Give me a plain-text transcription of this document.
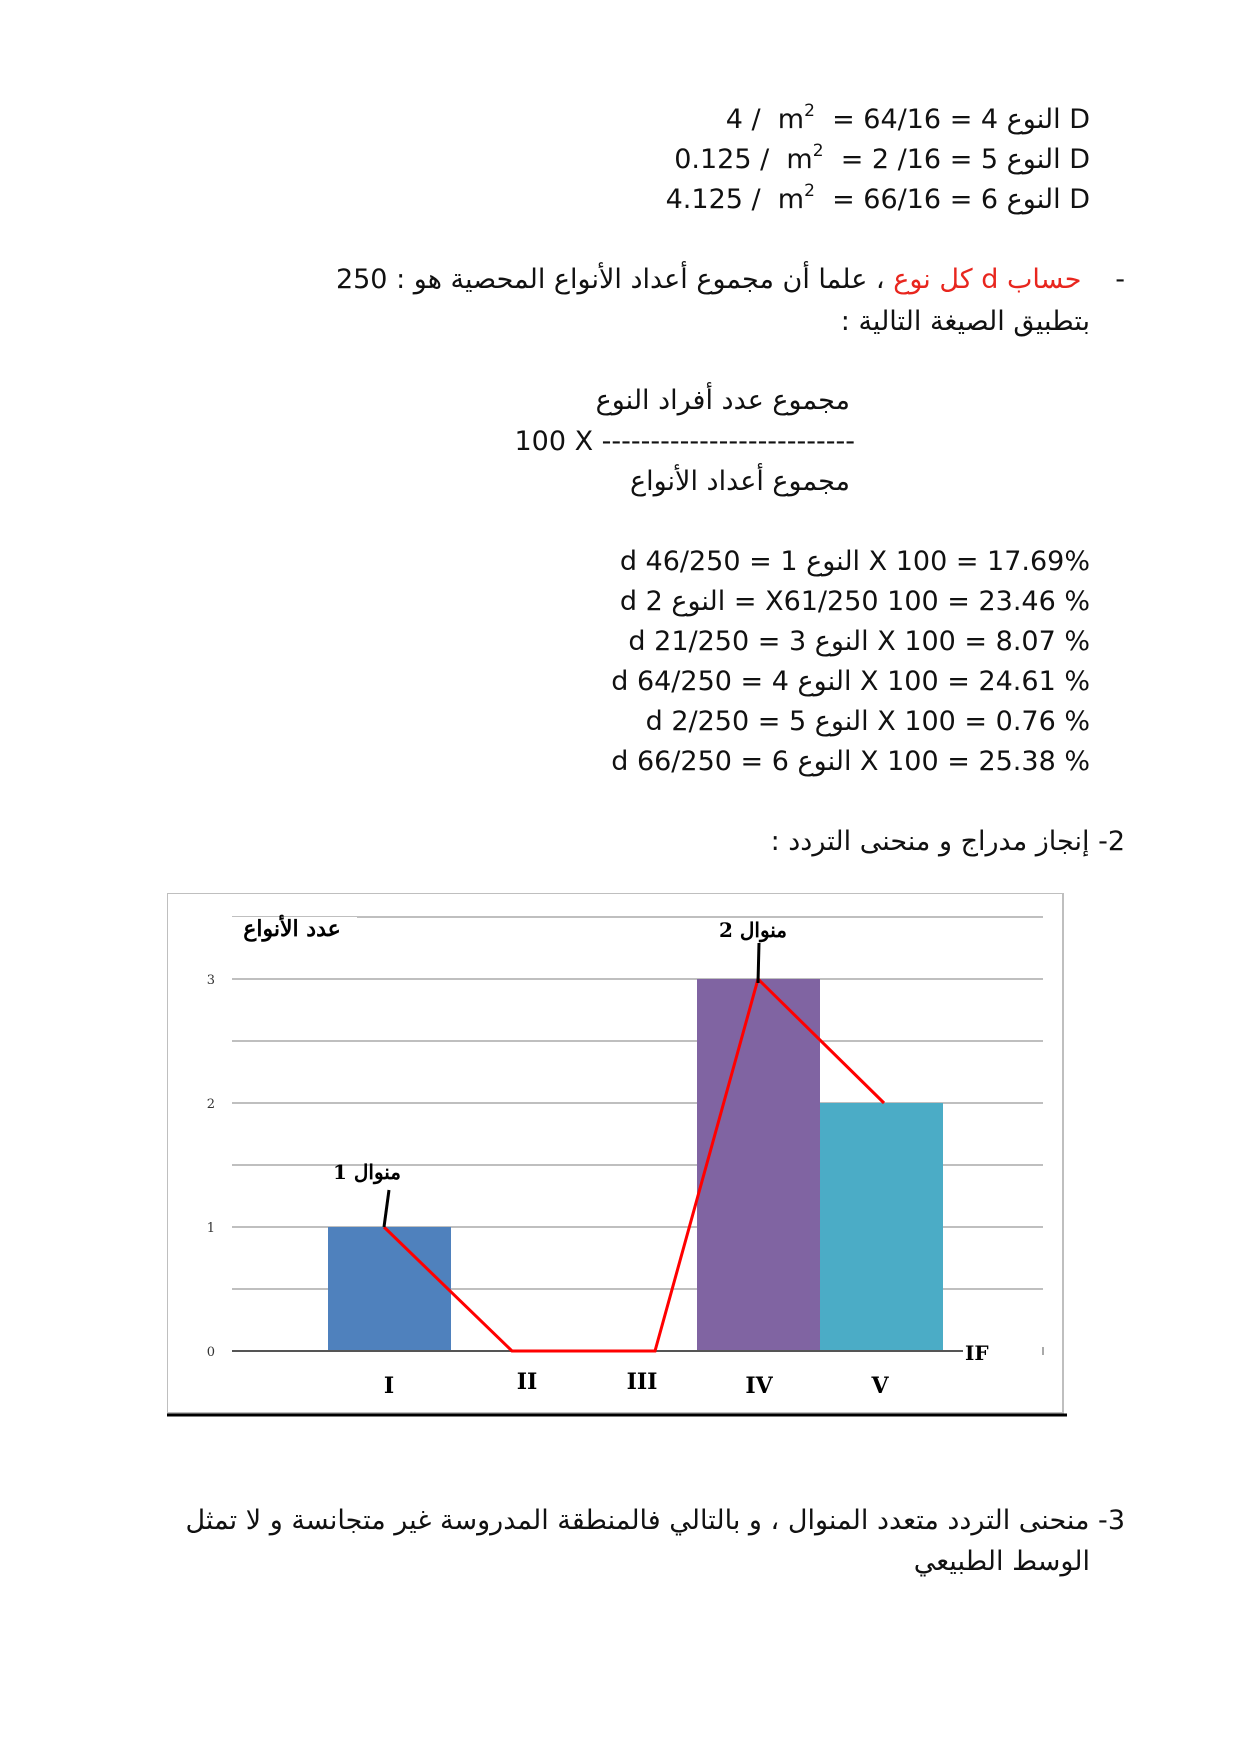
$4 / m^2 = 64/16 = 4$ النوع D
$0.125 / m^2 = 2$ /16 = 5 النوع D
$4.125 / m^2 = 66/16 = 6$ النوع D
- حساب d كل نوع ، علما أن مجموع أعداد الأنواع المحصية هو : 250
بتطبيق الصيغة التالية :
مجموع عدد أفراد النوع
100 X --------------------------
مجموع أعداد الأنواع
d النوع 1 = 46/250 X 100 = 17.69%
d النوع 2 = X61/250 100 = 23.46 %
d النوع 3 = 21/250 X 100 = 8.07 %
d النوع 4 = 64/250 X 100 = 24.61 %
d النوع 5 = 2/250 X 100 = 0.76 %
d النوع 6 = 66/250 X 100 = 25.38 %
2- إنجاز مدراج و منحنى التردد :
0
1
2
3
I	II	III	IV	V
منوال 1
منوال 2
عدد الأنواع
IF
3- منحنى التردد متعدد المنوال ، و بالتالي فالمنطقة المدروسة غير متجانسة و لا تمثل
الوسط الطبيعي
